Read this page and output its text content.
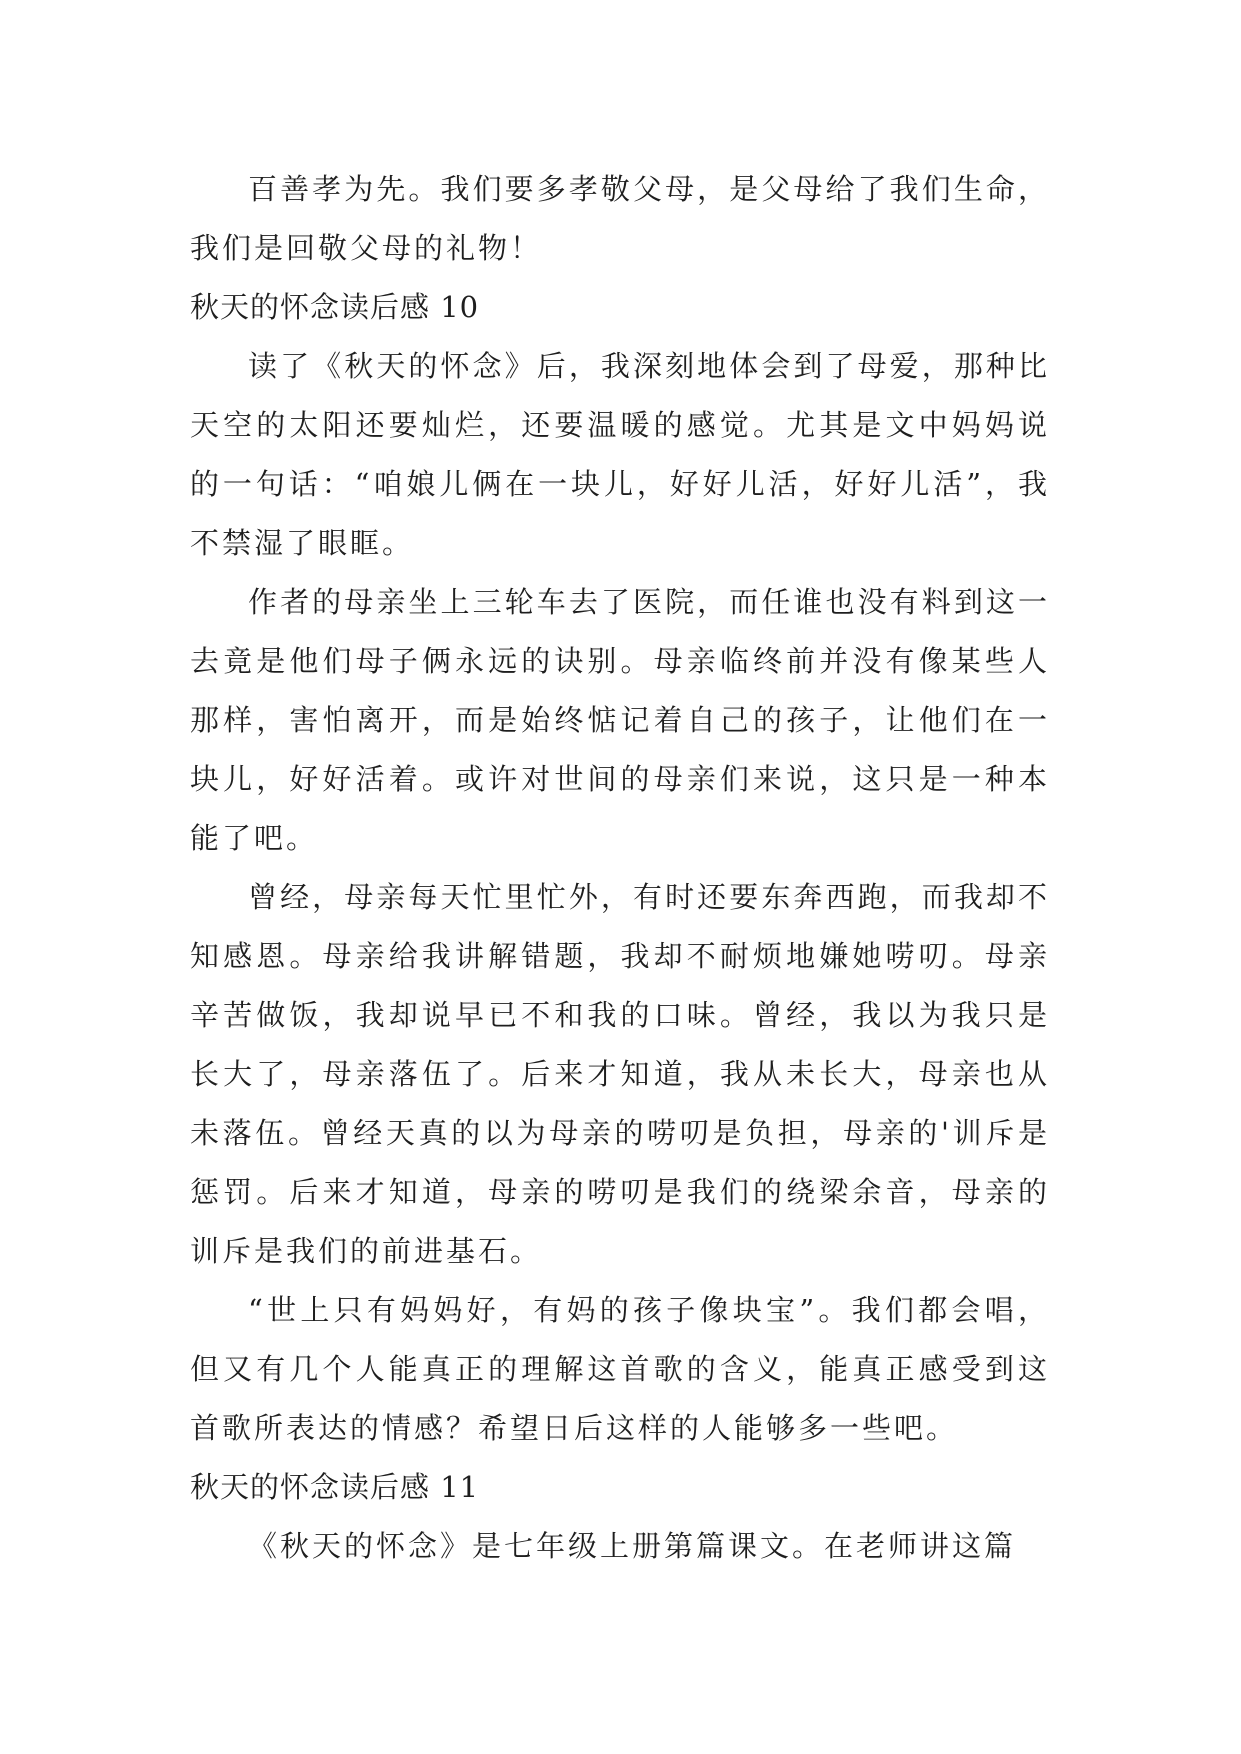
百善孝为先。我们要多孝敬父母，是父母给了我们生命，我们是回敬父母的礼物！

秋天的怀念读后感 10

读了《秋天的怀念》后，我深刻地体会到了母爱，那种比天空的太阳还要灿烂，还要温暖的感觉。尤其是文中妈妈说的一句话：“咱娘儿俩在一块儿，好好儿活，好好儿活”，我不禁湿了眼眶。

作者的母亲坐上三轮车去了医院，而任谁也没有料到这一去竟是他们母子俩永远的诀别。母亲临终前并没有像某些人那样，害怕离开，而是始终惦记着自己的孩子，让他们在一块儿，好好活着。或许对世间的母亲们来说，这只是一种本能了吧。

曾经，母亲每天忙里忙外，有时还要东奔西跑，而我却不知感恩。母亲给我讲解错题，我却不耐烦地嫌她唠叨。母亲辛苦做饭，我却说早已不和我的口味。曾经，我以为我只是长大了，母亲落伍了。后来才知道，我从未长大，母亲也从未落伍。曾经天真的以为母亲的唠叨是负担，母亲的'训斥是惩罚。后来才知道，母亲的唠叨是我们的绕梁余音，母亲的训斥是我们的前进基石。

“世上只有妈妈好，有妈的孩子像块宝”。我们都会唱，但又有几个人能真正的理解这首歌的含义，能真正感受到这首歌所表达的情感？希望日后这样的人能够多一些吧。

秋天的怀念读后感 11

《秋天的怀念》是七年级上册第篇课文。在老师讲这篇
